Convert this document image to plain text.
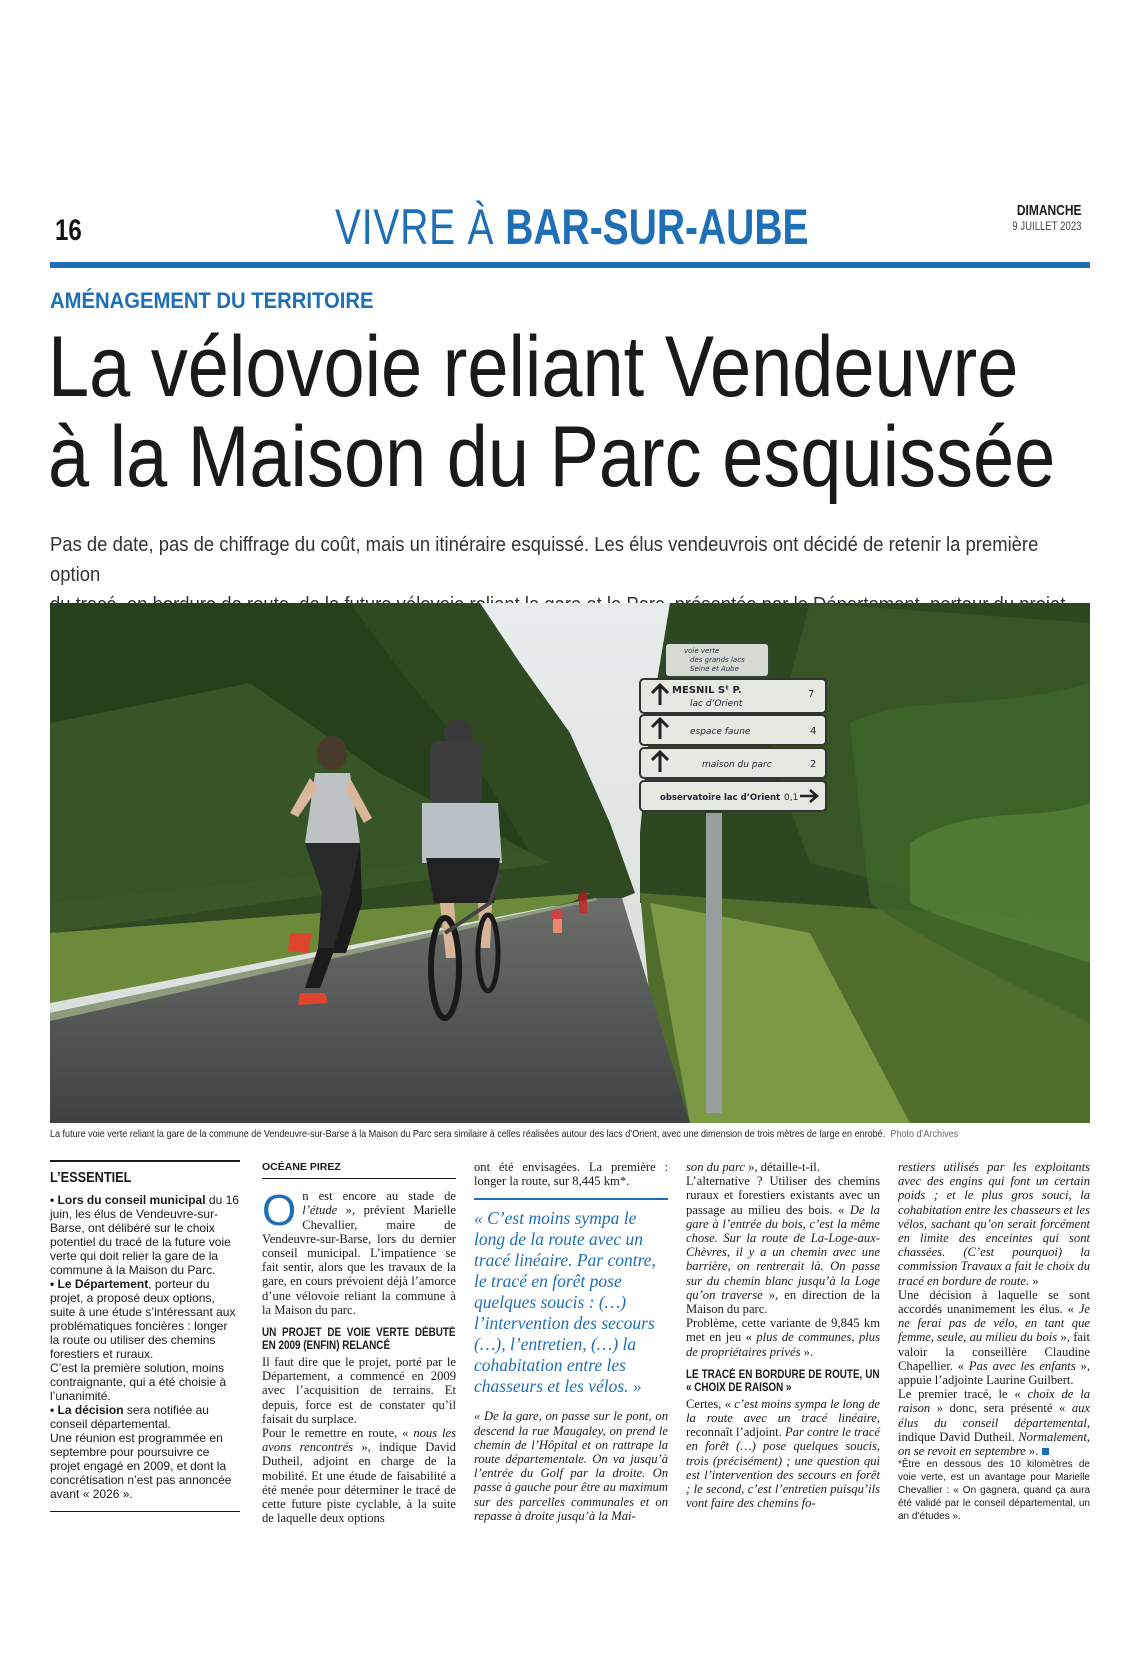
16	VIVRE À BAR-SUR-AUBE	DIMANCHE
9 JUILLET 2023
AMÉNAGEMENT DU TERRITOIRE
La vélovoie reliant Vendeuvre
à la Maison du Parc esquissée
Pas de date, pas de chiffrage du coût, mais un itinéraire esquissé. Les élus vendeuvrois ont décidé de retenir la première option
voie verte
des grands lacs
Seine et Aube
MESNIL Sᵗ P.
lac d’Orient
7
espace faune	4
maison du parc	2
observatoire lac d’Orient 0,1
La future voie verte reliant la gare de la commune de Vendeuvre-sur-Barse à la Maison du Parc sera similaire à celles réalisées autour des lacs d’Orient, avec une dimension de trois mètres de large en enrobé. Photo d’Archives
L’ESSENTIEL

• Lors du conseil municipal du 16 juin, les élus de Vendeuvre-sur-Barse, ont délibéré sur le choix potentiel du tracé de la future voie verte qui doit relier la gare de la commune à la Maison du Parc.

• Le Département, porteur du projet, a proposé deux options, suite à une étude s’intéressant aux problématiques foncières : longer la route ou utiliser des chemins forestiers et ruraux.

C’est la première solution, moins contraignante, qui a été choisie à l’unanimité.

• La décision sera notifiée au conseil départemental.

Une réunion est programmée en septembre pour poursuivre ce projet engagé en 2009, et dont la concrétisation n’est pas annoncée avant « 2026 ».

OCÉANE PIREZ

On est encore au stade de l’étude », prévient Marielle Chevallier, maire de Vendeuvre-sur-Barse, lors du dernier conseil municipal. L’impatience se fait sentir, alors que les travaux de la gare, en cours prévoient déjà l’amorce d’une vélovoie reliant la commune à la Maison du parc.

UN PROJET DE VOIE VERTE DÉBUTÉ EN 2009 (ENFIN) RELANCÉ

Il faut dire que le projet, porté par le Département, a commencé en 2009 avec l’acquisition de terrains. Et depuis, force est de constater qu’il faisait du surplace.

Pour le remettre en route, « nous les avons rencontrés », indique David Dutheil, adjoint en charge de la mobilité. Et une étude de faisabilité a été menée pour déterminer le tracé de cette future piste cyclable, à la suite de laquelle deux options

ont été envisagées. La première : longer la route, sur 8,445 km*.

« C’est moins sympa le long de la route avec un tracé linéaire. Par contre, le tracé en forêt pose quelques soucis : (…) l’intervention des secours (…), l’entretien, (…) la cohabitation entre les chasseurs et les vélos. »

« De la gare, on passe sur le pont, on descend la rue Maugaley, on prend le chemin de l’Hôpital et on rattrape la route départementale. On va jusqu’à l’entrée du Golf par la droite. On passe à gauche pour être au maximum sur des parcelles communales et on repasse à droite jusqu’à la Mai-

son du parc », détaille-t-il.

L’alternative ? Utiliser des chemins ruraux et forestiers existants avec un passage au milieu des bois. « De la gare à l’entrée du bois, c’est la même chose. Sur la route de La-Loge-aux-Chèvres, il y a un chemin avec une barrière, on rentrerait là. On passe sur du chemin blanc jusqu’à la Loge qu’on traverse », en direction de la Maison du parc.

Problème, cette variante de 9,845 km met en jeu « plus de communes, plus de propriétaires privés ».

LE TRACÉ EN BORDURE DE ROUTE, UN « CHOIX DE RAISON »

Certes, « c’est moins sympa le long de la route avec un tracé linéaire, reconnaît l’adjoint. Par contre le tracé en forêt (…) pose quelques soucis, trois (précisément) ; une question qui est l’intervention des secours en forêt ; le second, c’est l’entretien puisqu’ils vont faire des chemins fo-

restiers utilisés par les exploitants avec des engins qui font un certain poids ; et le plus gros souci, la cohabitation entre les chasseurs et les vélos, sachant qu’on serait forcément en limite des enceintes qui sont chassées. (C’est pourquoi) la commission Travaux a fait le choix du tracé en bordure de route. »

Une décision à laquelle se sont accordés unanimement les élus. « Je ne ferai pas de vélo, en tant que femme, seule, au milieu du bois », fait valoir la conseillère Claudine Chapellier. « Pas avec les enfants », appuie l’adjointe Laurine Guilbert.

Le premier tracé, le « choix de la raison » donc, sera présenté « aux élus du conseil départemental, indique David Dutheil. Normalement, on se revoit en septembre ».

*Être en dessous des 10 kilomètres de voie verte, est un avantage pour Marielle Chevallier : « On gagnera, quand ça aura été validé par le conseil départemental, un an d’études ».
